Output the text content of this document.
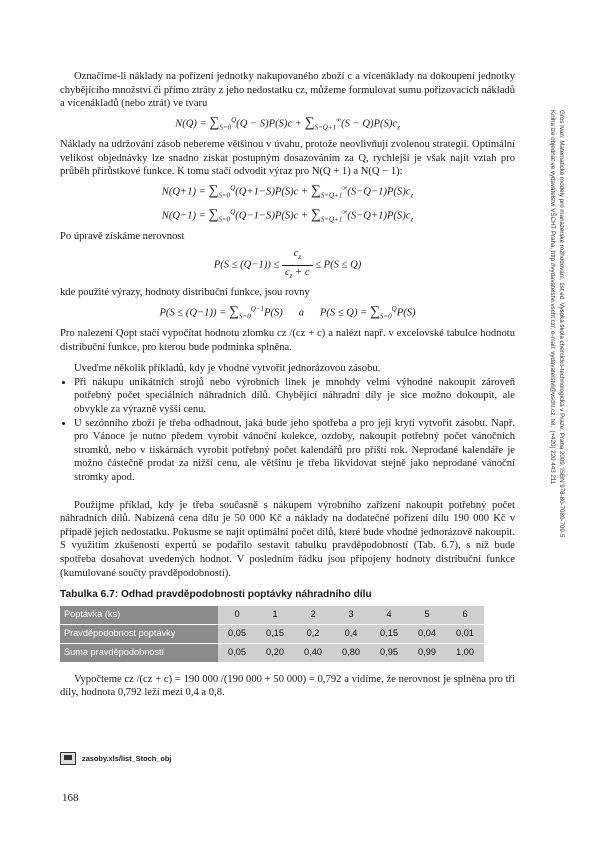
Gros Ivan: Matematické modely pro manažerské rozhodování, 1st ed. Vysoká škola chemicko-technologická v Praze, Praha 2009, ISBN 978-80-7080-709-5
Kniha lze objednat ve vydavatelství VŠCHT Praha, http://vydavatelstvi.vscht.cz/, e-mail: vydavatelstvi@vscht.cz, tel.: (+420) 220 443 211

Označíme-li náklady na pořízení jednotky nakupovaného zboží c a vícenáklady na dokoupení jednotky chybějícího množství či přímo ztráty z jeho nedostatku cz, můžeme formulovat sumu pořizovacích nákladů a vícenákladů (nebo ztrát) ve tvaru

$N(Q) = \sum_{S=0}^Q(Q - S)P(S)c + \sum_{S=Q+1}^\infty(S - Q)P(S)c_z$

Náklady na udržování zásob nebereme většinou v úvahu, protože neovlivňují zvolenou strategii. Optimální velikost objednávky lze snadno získat postupným dosazováním za Q, rychlejší je však najít vztah pro průběh přírůstkové funkce. K tomu stačí odvodit výraz pro N(Q + 1) a N(Q − 1):

$N(Q+1) = \sum_{S=0}^Q(Q+1-S)P(S)c + \sum_{S=Q+1}^\infty(S-Q-1)P(S)c_z$
$N(Q-1) = \sum_{S=0}^Q(Q-1-S)P(S)c + \sum_{S=Q+1}^\infty(S-Q+1)P(S)c_z$

Po úpravě získáme nerovnost

$P(S \le (Q-1)) \le \frac{c_z}{c_z + c} \le P(S \le Q)$

kde použité výrazy, hodnoty distribuční funkce, jsou rovny

$P(S \le (Q-1)) = \sum_{S=0}^{Q-1}P(S)$      a      $P(S \le Q) = \sum_{S=0}^QP(S)$

Pro nalezení Qopt stačí vypočítat hodnotu zlomku cz /(cz + c) a nalézt např. v excelovské tabulce hodnotu distribuční funkce, pro kterou bude podmínka splněna.

Uveďme několik příkladů, kdy je vhodné vytvořit jednorázovou zásobu.

• Při nákupu unikátních strojů nebo výrobních linek je mnohdy velmi výhodné nakoupit zároveň potřebný počet speciálních náhradních dílů. Chybějící náhradní díly je sice možno dokoupit, ale obvykle za výrazně vyšší cenu.
• U sezónního zboží je třeba odhadnout, jaká bude jeho spotřeba a pro její krytí vytvořit zásobu. Např. pro Vánoce je nutno předem vyrobit vánoční kolekce, ozdoby, nakoupit potřebný počet vánočních stromků, nebo v tiskárnách vyrobit potřebný počet kalendářů pro příští rok. Neprodané kalendáře je možno částečně prodat za nižší cenu, ale většinu je třeba likvidovat stejně jako neprodané vánoční stromky apod.

Použijme příklad, kdy je třeba současně s nákupem výrobního zařízení nakoupit potřebný počet náhradních dílů. Nabízená cena dílu je 50 000 Kč a náklady na dodatečné pořízení dílu 190 000 Kč v případě jejich nedostatku. Pokusme se najít optimální počet dílů, které bude vhodné jednorázově nakoupit. S využitím zkušeností expertů se podařilo sestavit tabulku pravděpodobností (Tab. 6.7), s níž bude spotřeba dosahovat uvedených hodnot. V posledním řádku jsou připojeny hodnoty distribuční funkce (kumulované součty pravděpodobností).

Tabulka 6.7: Odhad pravděpodobnosti poptávky náhradního dílu
Poptávka (ks)	0	1	2	3	4	5	6
Pravděpodobnost poptávky	0,05	0,15	0,2	0,4	0,15	0,04	0,01
Suma pravděpodobností	0,05	0,20	0,40	0,80	0,95	0,99	1,00

Vypočteme cz /(cz + c) = 190 000 /(190 000 + 50 000) = 0,792 a vidíme, že nerovnost je splněna pro tři díly, hodnota 0,792 leží mezi 0,4 a 0,8.

zasoby.xls/list_Stoch_obj
168
